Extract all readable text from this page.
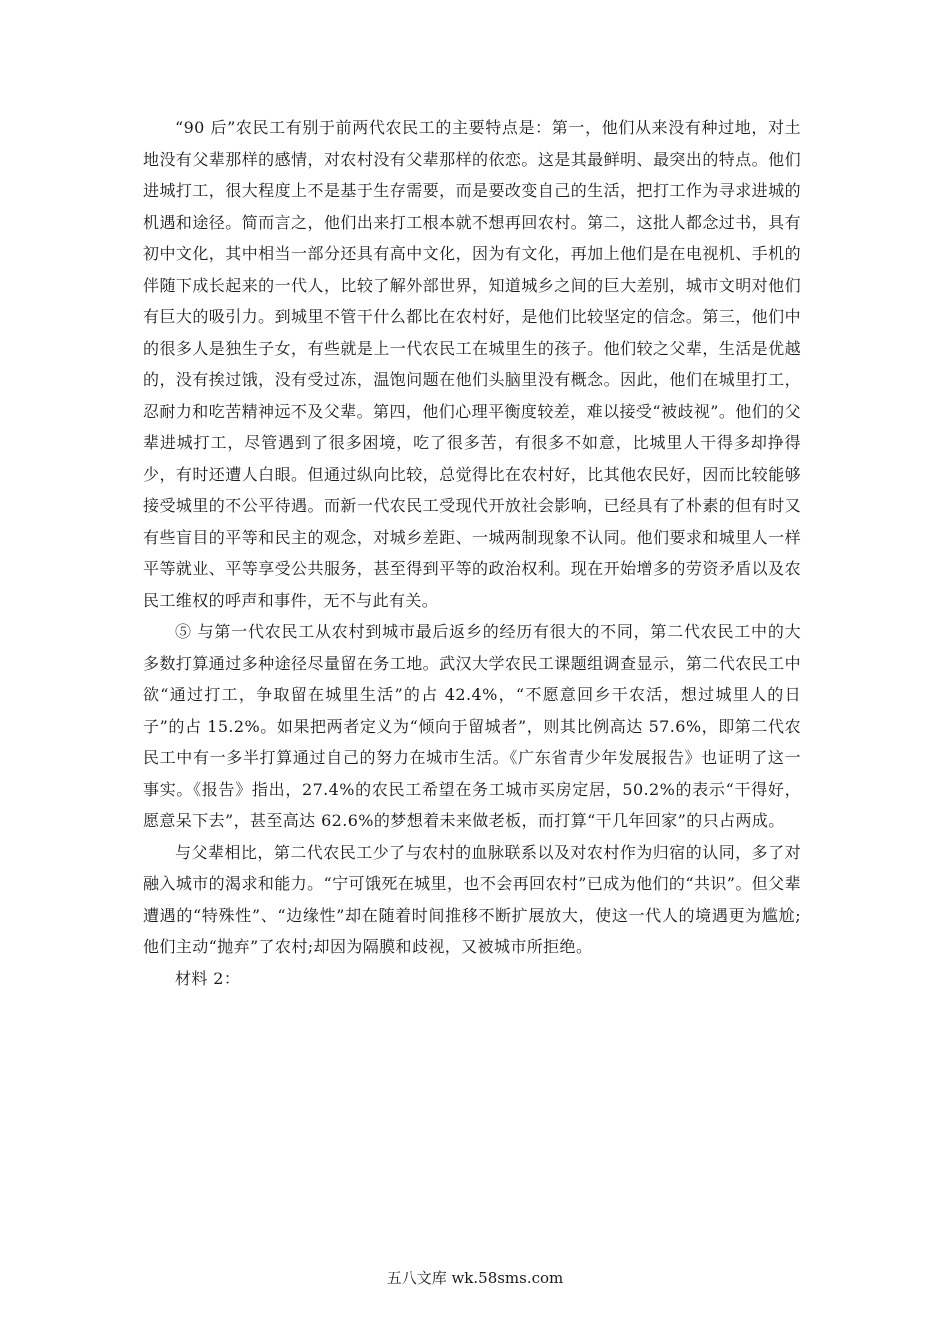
“90 后”农民工有别于前两代农民工的主要特点是：第一，他们从来没有种过地，对土地没有父辈那样的感情，对农村没有父辈那样的依恋。这是其最鲜明、最突出的特点。他们进城打工，很大程度上不是基于生存需要，而是要改变自己的生活，把打工作为寻求进城的机遇和途径。简而言之，他们出来打工根本就不想再回农村。第二，这批人都念过书，具有初中文化，其中相当一部分还具有高中文化，因为有文化，再加上他们是在电视机、手机的伴随下成长起来的一代人，比较了解外部世界，知道城乡之间的巨大差别，城市文明对他们有巨大的吸引力。到城里不管干什么都比在农村好，是他们比较坚定的信念。第三，他们中的很多人是独生子女，有些就是上一代农民工在城里生的孩子。他们较之父辈，生活是优越的，没有挨过饿，没有受过冻，温饱问题在他们头脑里没有概念。因此，他们在城里打工，忍耐力和吃苦精神远不及父辈。第四，他们心理平衡度较差，难以接受“被歧视”。他们的父辈进城打工，尽管遇到了很多困境，吃了很多苦，有很多不如意，比城里人干得多却挣得少，有时还遭人白眼。但通过纵向比较，总觉得比在农村好，比其他农民好，因而比较能够接受城里的不公平待遇。而新一代农民工受现代开放社会影响，已经具有了朴素的但有时又有些盲目的平等和民主的观念，对城乡差距、一城两制现象不认同。他们要求和城里人一样平等就业、平等享受公共服务，甚至得到平等的政治权利。现在开始增多的劳资矛盾以及农民工维权的呼声和事件，无不与此有关。

⑤ 与第一代农民工从农村到城市最后返乡的经历有很大的不同，第二代农民工中的大多数打算通过多种途径尽量留在务工地。武汉大学农民工课题组调查显示，第二代农民工中欲“通过打工，争取留在城里生活”的占 42.4%，“不愿意回乡干农活，想过城里人的日子”的占 15.2%。如果把两者定义为“倾向于留城者”，则其比例高达 57.6%，即第二代农民工中有一多半打算通过自己的努力在城市生活。《广东省青少年发展报告》也证明了这一事实。《报告》指出，27.4%的农民工希望在务工城市买房定居，50.2%的表示“干得好，愿意呆下去”，甚至高达 62.6%的梦想着未来做老板，而打算“干几年回家”的只占两成。

与父辈相比，第二代农民工少了与农村的血脉联系以及对农村作为归宿的认同，多了对融入城市的渴求和能力。“宁可饿死在城里，也不会再回农村”已成为他们的“共识”。但父辈遭遇的“特殊性”、“边缘性”却在随着时间推移不断扩展放大，使这一代人的境遇更为尴尬;他们主动“抛弃”了农村;却因为隔膜和歧视，又被城市所拒绝。

材料 2：

五八文库 wk.58sms.com
